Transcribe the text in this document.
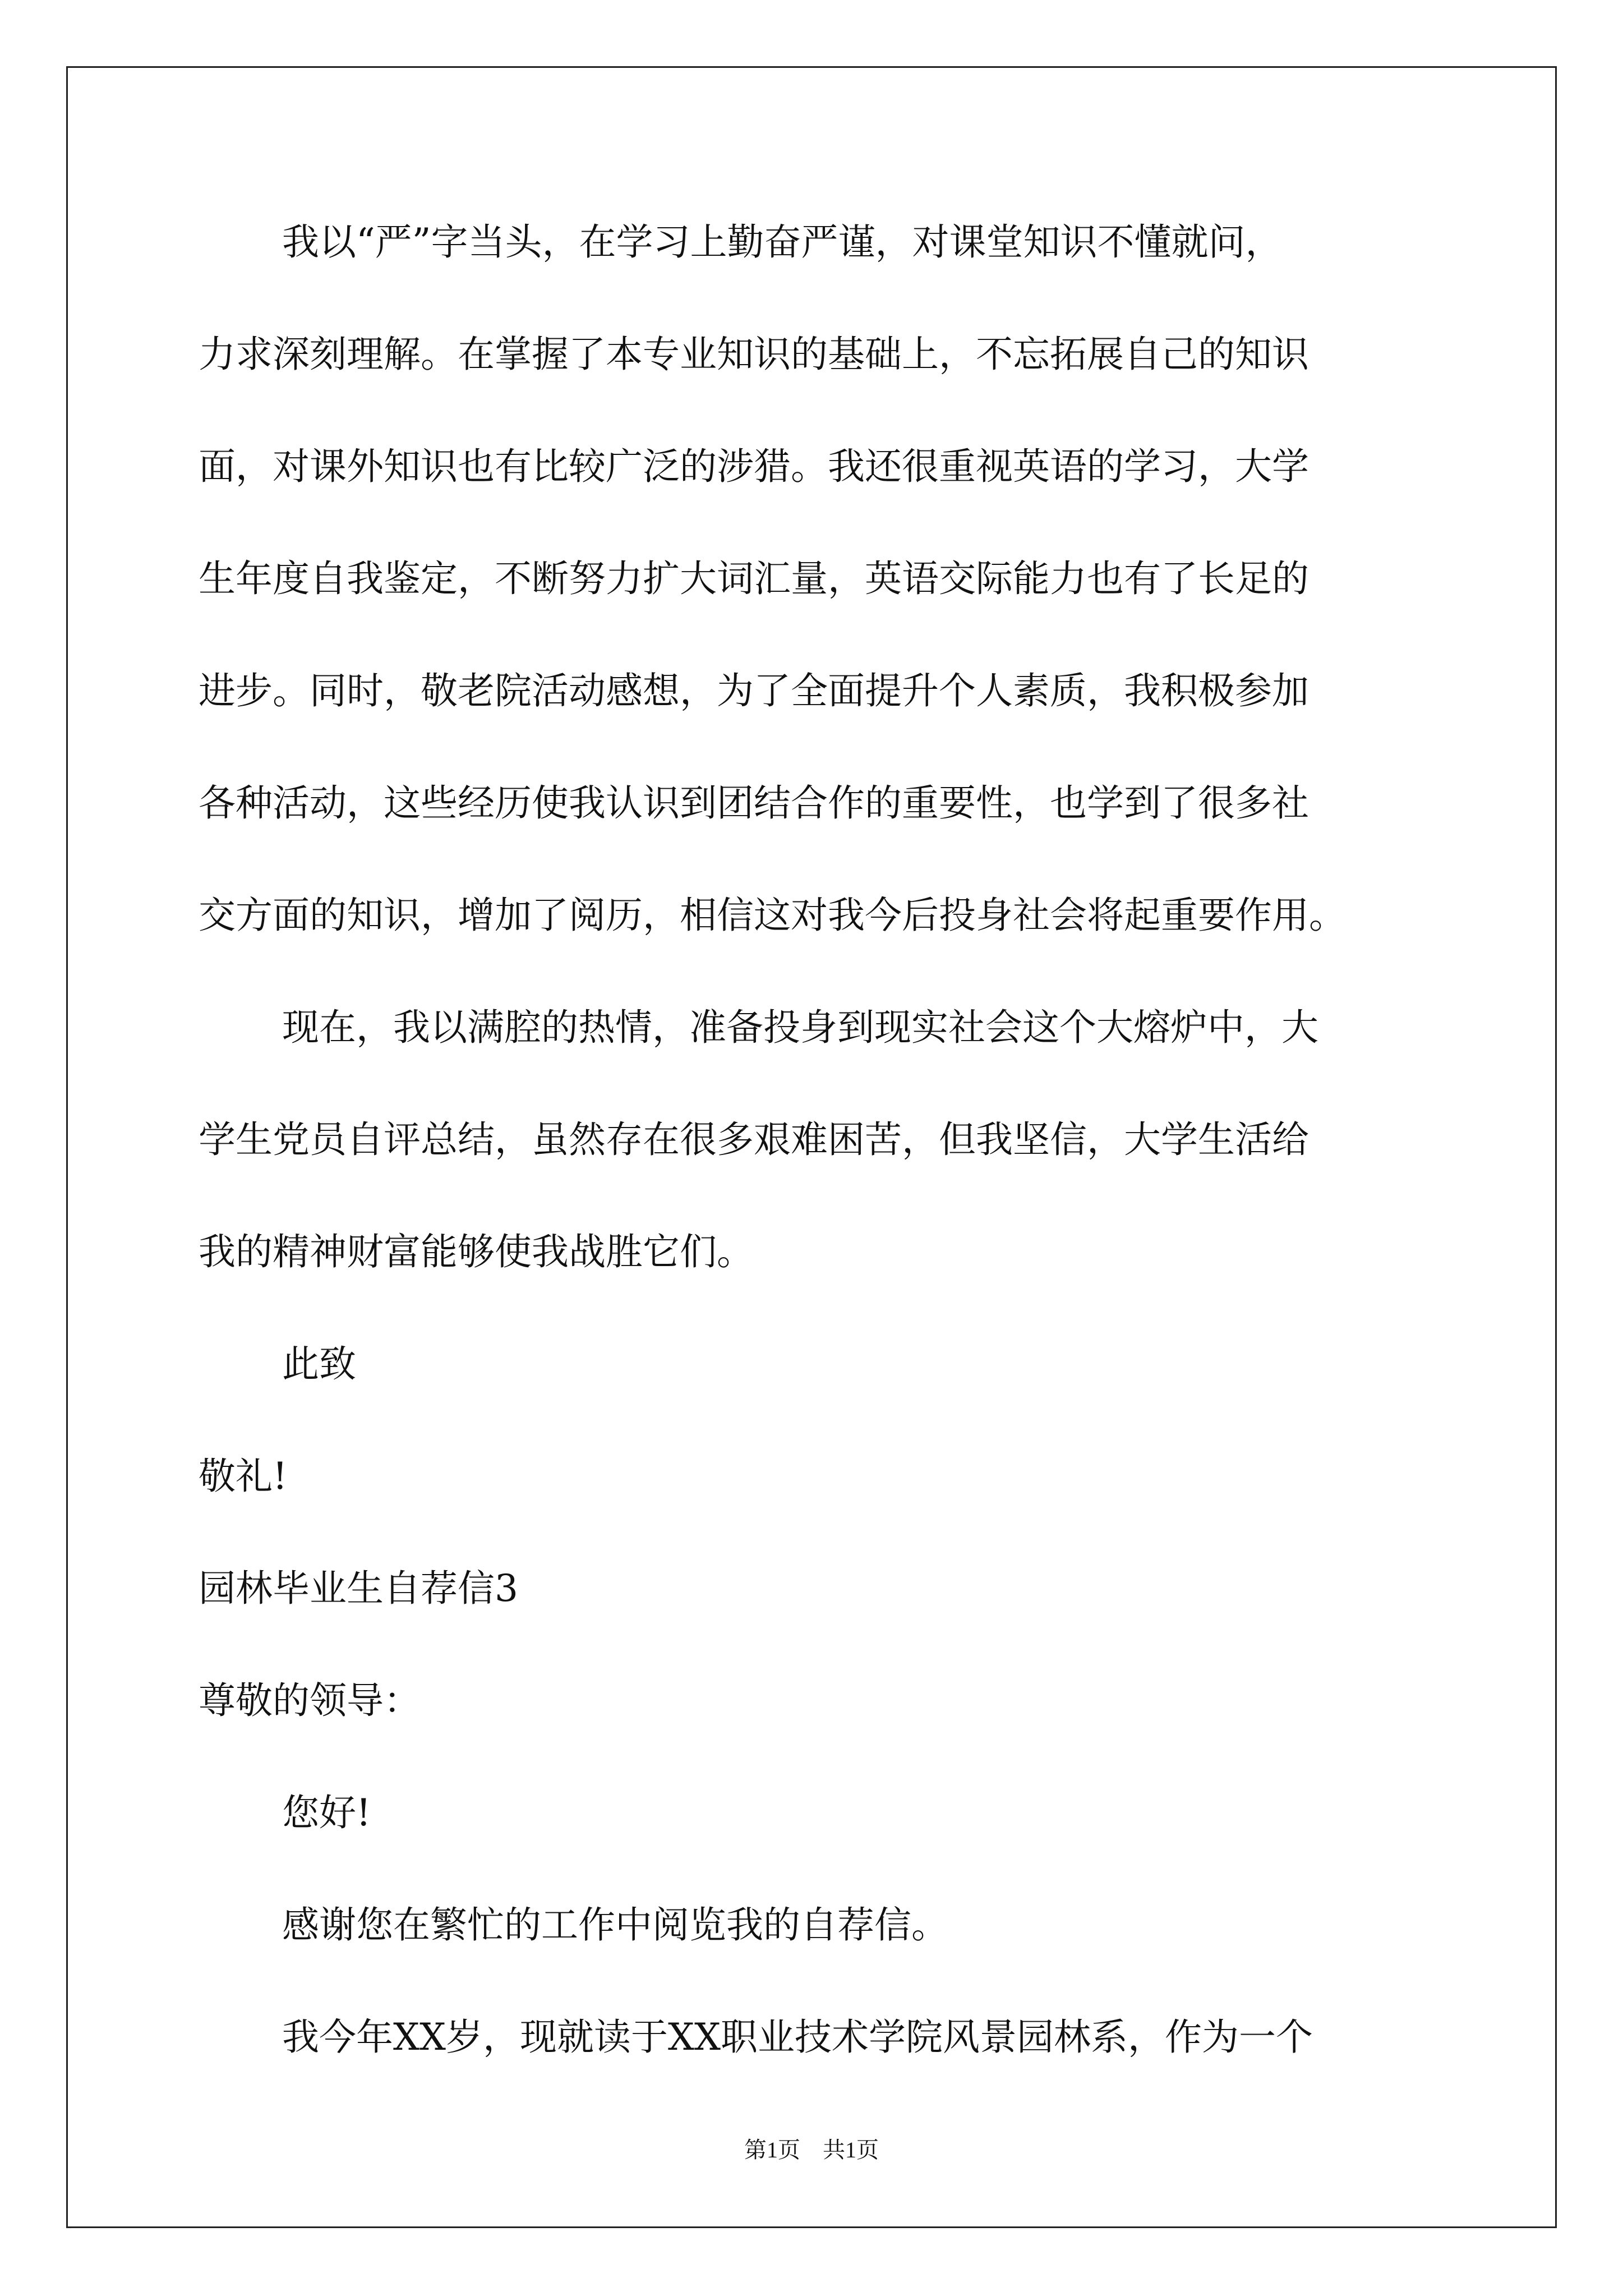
我以“严”字当头，在学习上勤奋严谨，对课堂知识不懂就问，
力求深刻理解。在掌握了本专业知识的基础上，不忘拓展自己的知识
面，对课外知识也有比较广泛的涉猎。我还很重视英语的学习，大学
生年度自我鉴定，不断努力扩大词汇量，英语交际能力也有了长足的
进步。同时，敬老院活动感想，为了全面提升个人素质，我积极参加
各种活动，这些经历使我认识到团结合作的重要性，也学到了很多社
交方面的知识，增加了阅历，相信这对我今后投身社会将起重要作用。
现在，我以满腔的热情，准备投身到现实社会这个大熔炉中，大
学生党员自评总结，虽然存在很多艰难困苦，但我坚信，大学生活给
我的精神财富能够使我战胜它们。
此致
敬礼!
园林毕业生自荐信3
尊敬的领导：
您好!
感谢您在繁忙的工作中阅览我的自荐信。
我今年XX岁，现就读于XX职业技术学院风景园林系，作为一个
第1页　共1页
